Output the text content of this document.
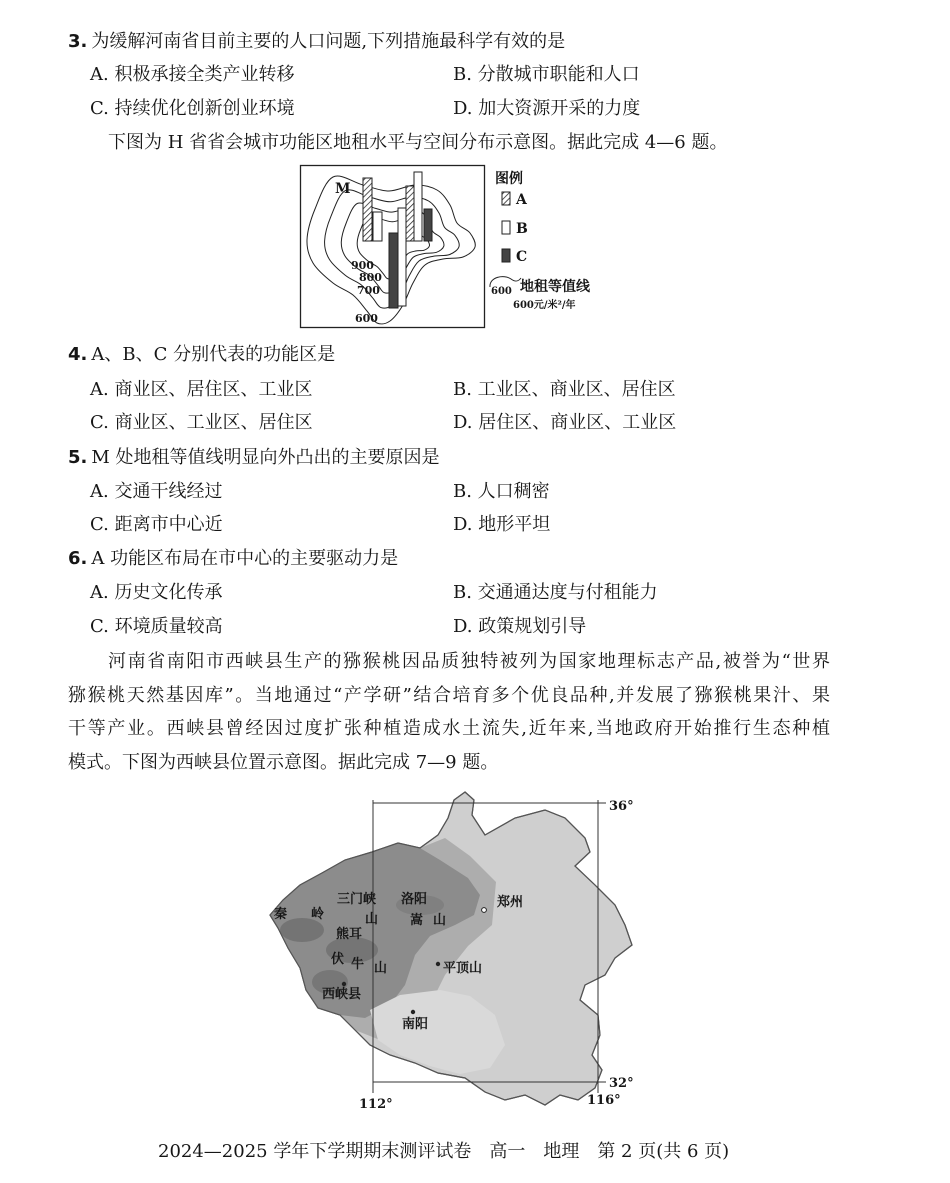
3. 为缓解河南省目前主要的人口问题,下列措施最科学有效的是
A. 积极承接全类产业转移	B. 分散城市职能和人口
C. 持续优化创新创业环境	D. 加大资源开采的力度
下图为 H 省省会城市功能区地租水平与空间分布示意图。据此完成 4—6 题。
M
900
800
700
600
图例
A
B
C
600 地租等值线
600元/米²/年
4. A、B、C 分别代表的功能区是
A. 商业区、居住区、工业区	B. 工业区、商业区、居住区
C. 商业区、工业区、居住区	D. 居住区、商业区、工业区
5. M 处地租等值线明显向外凸出的主要原因是
A. 交通干线经过	B. 人口稠密
C. 距离市中心近	D. 地形平坦
6. A 功能区布局在市中心的主要驱动力是
A. 历史文化传承	B. 交通通达度与付租能力
C. 环境质量较高	D. 政策规划引导
河南省南阳市西峡县生产的猕猴桃因品质独特被列为国家地理标志产品,被誉为“世界
猕猴桃天然基因库”。当地通过“产学研”结合培育多个优良品种,并发展了猕猴桃果汁、果
干等产业。西峡县曾经因过度扩张种植造成水土流失,近年来,当地政府开始推行生态种植
模式。下图为西峡县位置示意图。据此完成 7—9 题。
36°
32°
112°	116°
三门峡 洛阳	郑州
秦 岭	山 嵩 山
熊耳
伏 牛 山	平顶山
西峡县
南阳
2024—2025 学年下学期期末测评试卷　高一　地理　第 2 页(共 6 页)
